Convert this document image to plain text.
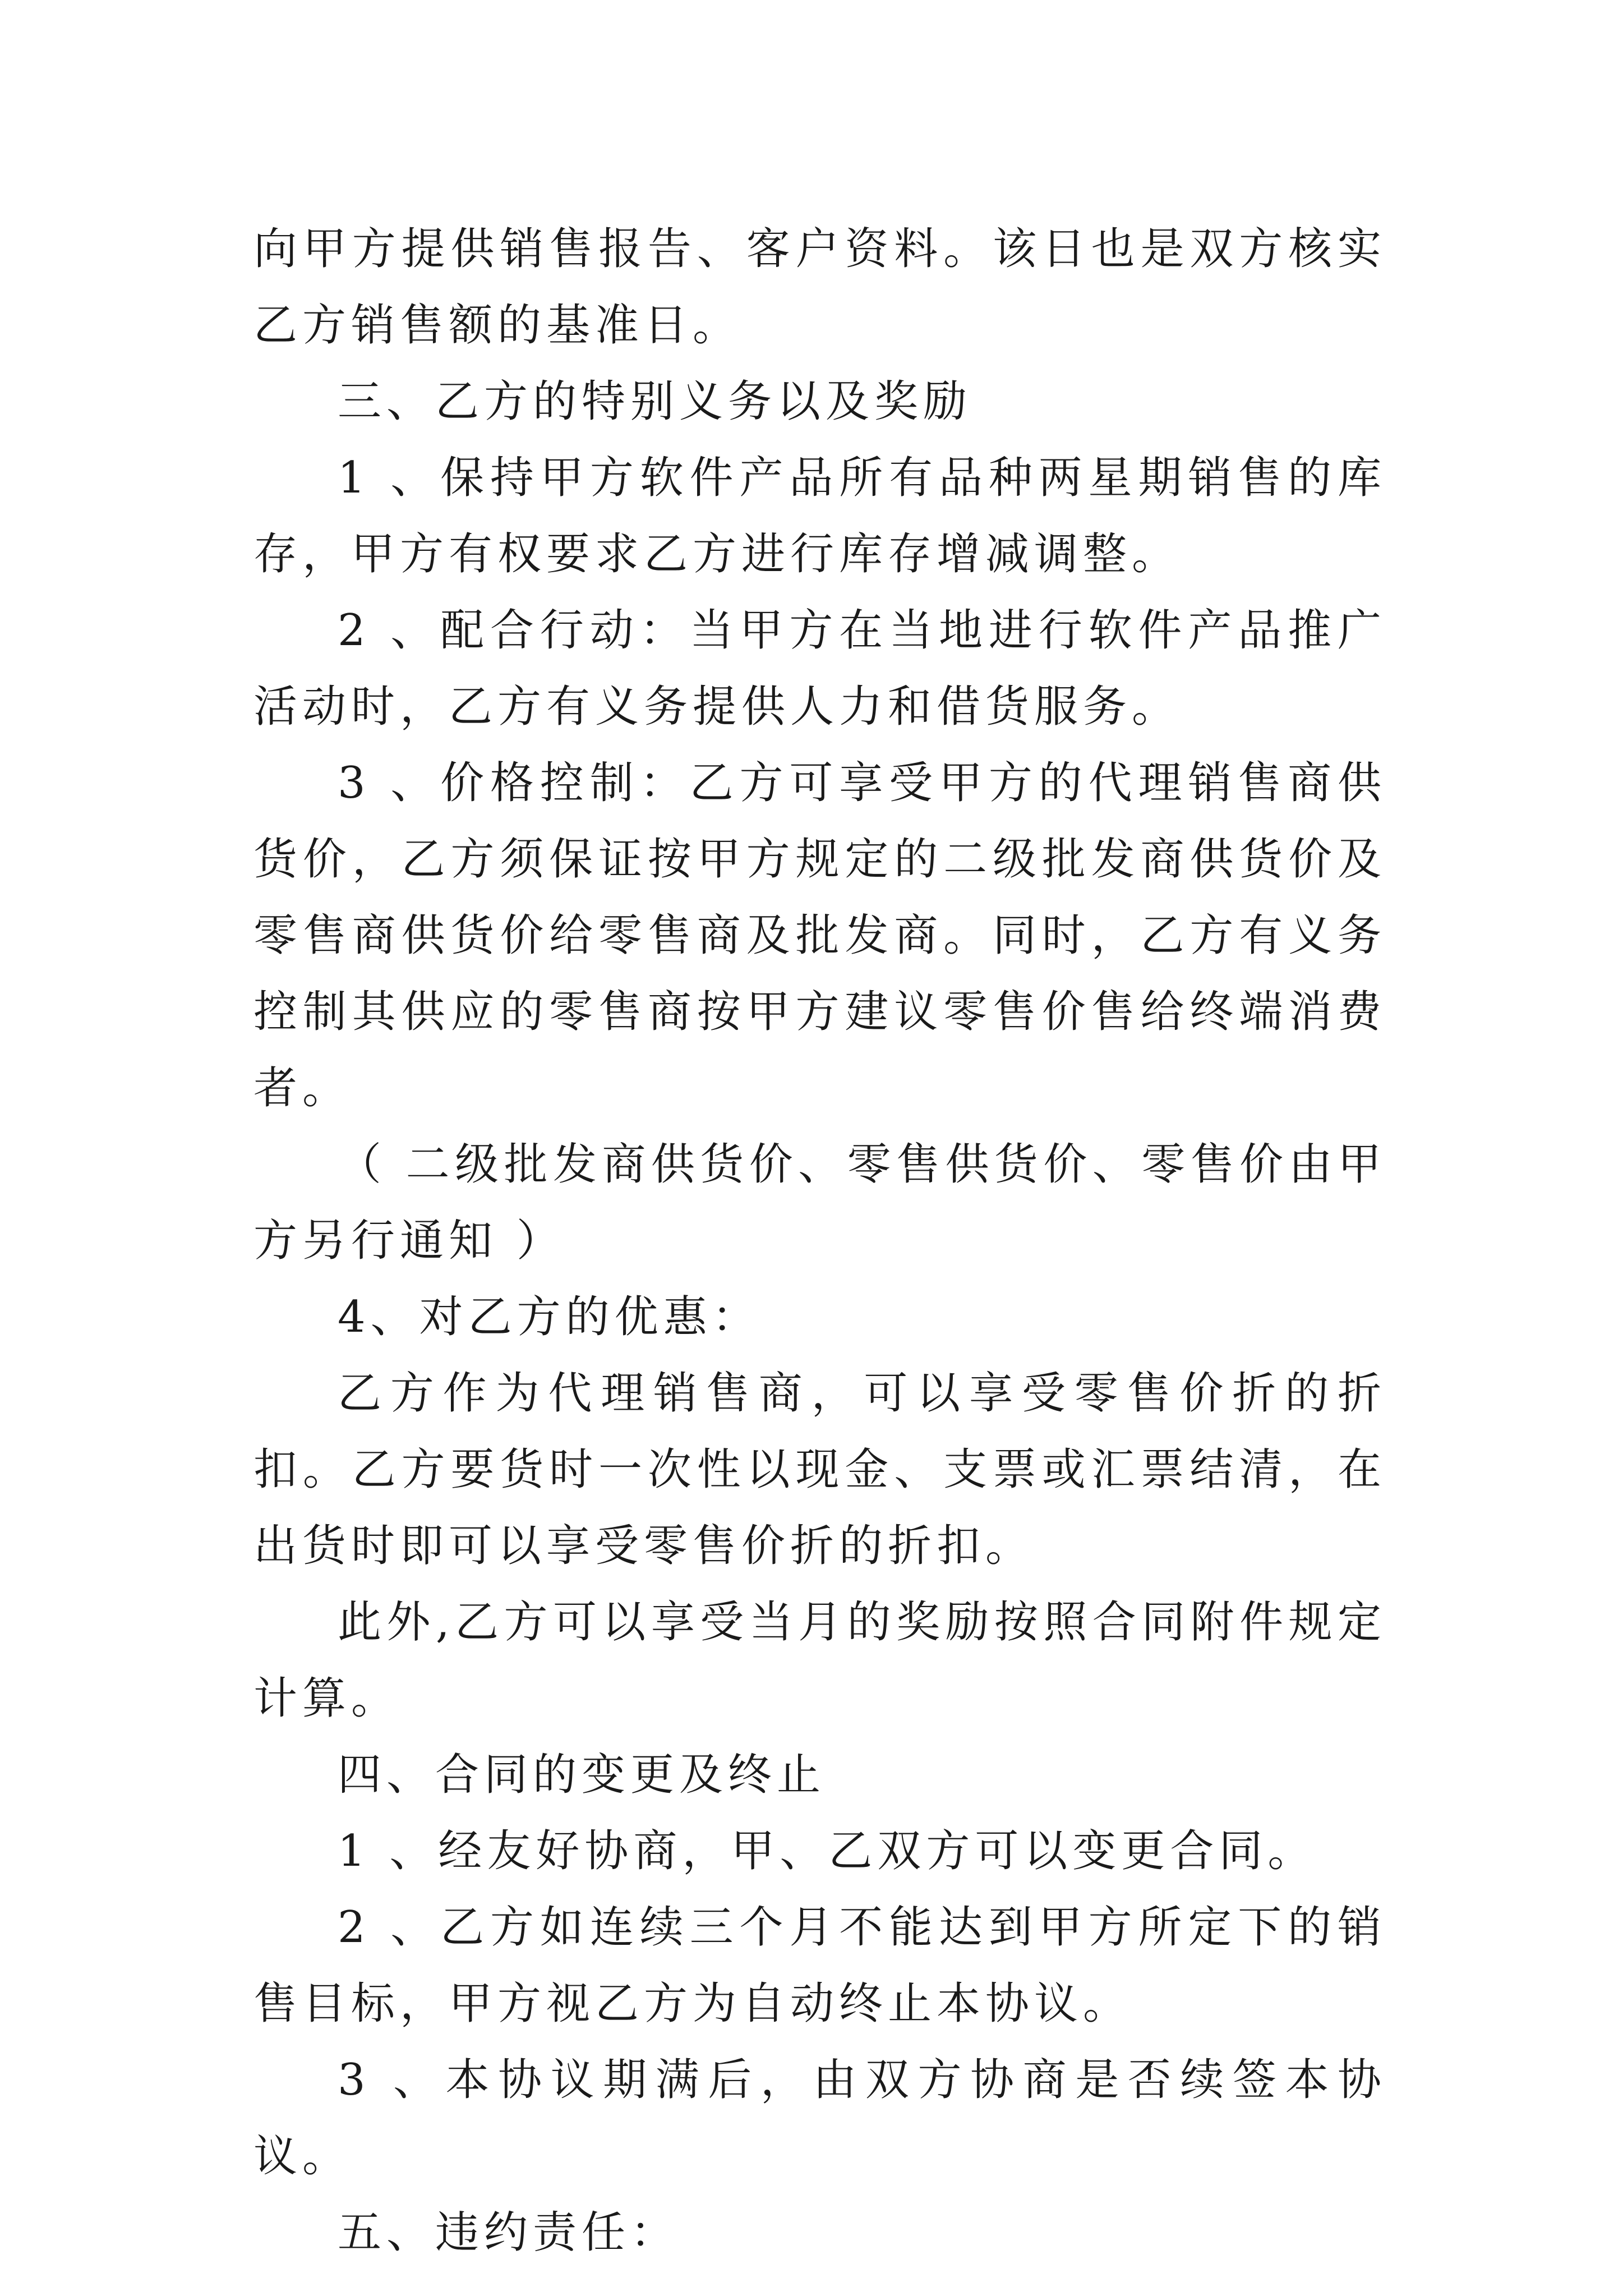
向甲方提供销售报告、客户资料。该日也是双方核实乙方销售额的基准日。

三、乙方的特别义务以及奖励

1 、保持甲方软件产品所有品种两星期销售的库存，甲方有权要求乙方进行库存增减调整。

2 、配合行动：当甲方在当地进行软件产品推广活动时，乙方有义务提供人力和借货服务。

3 、价格控制：乙方可享受甲方的代理销售商供货价，乙方须保证按甲方规定的二级批发商供货价及零售商供货价给零售商及批发商。同时，乙方有义务控制其供应的零售商按甲方建议零售价售给终端消费者。

（ 二级批发商供货价、零售供货价、零售价由甲方另行通知 ）

4、对乙方的优惠：

乙方作为代理销售商，可以享受零售价折的折扣。乙方要货时一次性以现金、支票或汇票结清，在出货时即可以享受零售价折的折扣。

此外,乙方可以享受当月的奖励按照合同附件规定计算。

四、合同的变更及终止

1 、经友好协商，甲、乙双方可以变更合同。

2 、乙方如连续三个月不能达到甲方所定下的销售目标，甲方视乙方为自动终止本协议。

3 、本协议期满后，由双方协商是否续签本协议。

五、违约责任：
